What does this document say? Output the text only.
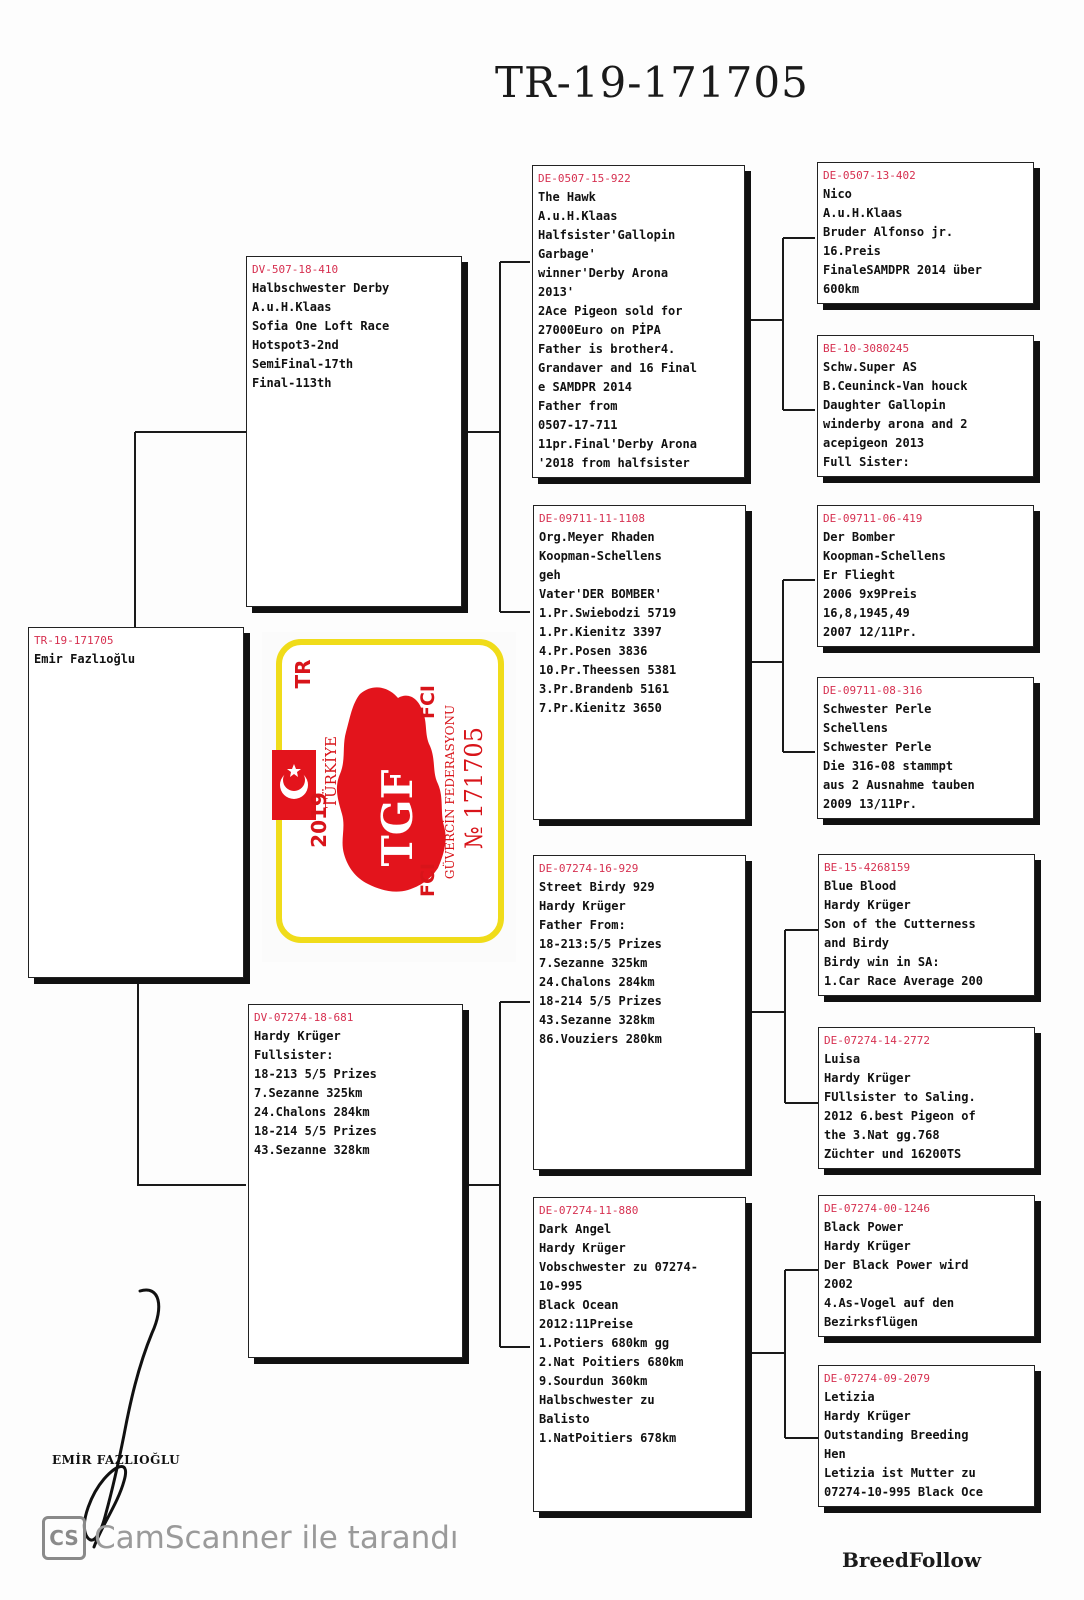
TR-19-171705
TR-19-171705
Emir Fazlıoğlu
DV-507-18-410
Halbschwester Derby
A.u.H.Klaas
Sofia One Loft Race
Hotspot3-2nd
SemiFinal-17th
Final-113th
DV-07274-18-681
Hardy Krüger
Fullsister:
18-213 5/5 Prizes
7.Sezanne 325km
24.Chalons 284km
18-214 5/5 Prizes
43.Sezanne 328km
DE-0507-15-922
The Hawk
A.u.H.Klaas
Halfsister'Gallopin
Garbage'
winner'Derby Arona
2013'
2Ace Pigeon sold for
27000Euro on PİPA
Father is brother4.
Grandaver and 16 Final
e SAMDPR 2014
Father from
0507-17-711
11pr.Final'Derby Arona
'2018 from halfsister
DE-09711-11-1108
Org.Meyer Rhaden
Koopman-Schellens
geh
Vater'DER BOMBER'
1.Pr.Swiebodzi 5719
1.Pr.Kienitz 3397
4.Pr.Posen 3836
10.Pr.Theessen 5381
3.Pr.Brandenb 5161
7.Pr.Kienitz 3650
DE-07274-16-929
Street Birdy 929
Hardy Krüger
Father From:
18-213:5/5 Prizes
7.Sezanne 325km
24.Chalons 284km
18-214 5/5 Prizes
43.Sezanne 328km
86.Vouziers 280km
DE-07274-11-880
Dark Angel
Hardy Krüger
Vobschwester zu 07274-
10-995
Black Ocean
2012:11Preise
1.Potiers 680km gg
2.Nat Poitiers 680km
9.Sourdun 360km
Halbschwester zu
Balisto
1.NatPoitiers 678km
DE-0507-13-402
Nico
A.u.H.Klaas
Bruder Alfonso jr.
16.Preis
FinaleSAMDPR 2014 über
600km
BE-10-3080245
Schw.Super AS
B.Ceuninck-Van houck
Daughter Gallopin
winderby arona and 2
acepigeon 2013
Full Sister:
DE-09711-06-419
Der Bomber
Koopman-Schellens
Er Flieght
2006 9x9Preis
16,8,1945,49
2007 12/11Pr.
DE-09711-08-316
Schwester Perle
Schellens
Schwester Perle
Die 316-08 stammpt
aus 2 Ausnahme tauben
2009 13/11Pr.
BE-15-4268159
Blue Blood
Hardy Krüger
Son of the Cutterness
and Birdy
Birdy win in SA:
1.Car Race Average 200
DE-07274-14-2772
Luisa
Hardy Krüger
FUllsister to Saling.
2012 6.best Pigeon of
the 3.Nat gg.768
Züchter und 16200TS
DE-07274-00-1246
Black Power
Hardy Krüger
Der Black Power wird
2002
4.As-Vogel auf den
Bezirksflügen
DE-07274-09-2079
Letizia
Hardy Krüger
Outstanding Breeding
Hen
Letizia ist Mutter zu
07274-10-995 Black Oce
TGF
2019
TR
TÜRKİYE
FCI
FCI
GÜVERCİN FEDERASYONU № 171705
EMİR FAZLIOĞLU
CS CamScanner ile tarandı
BreedFollow
